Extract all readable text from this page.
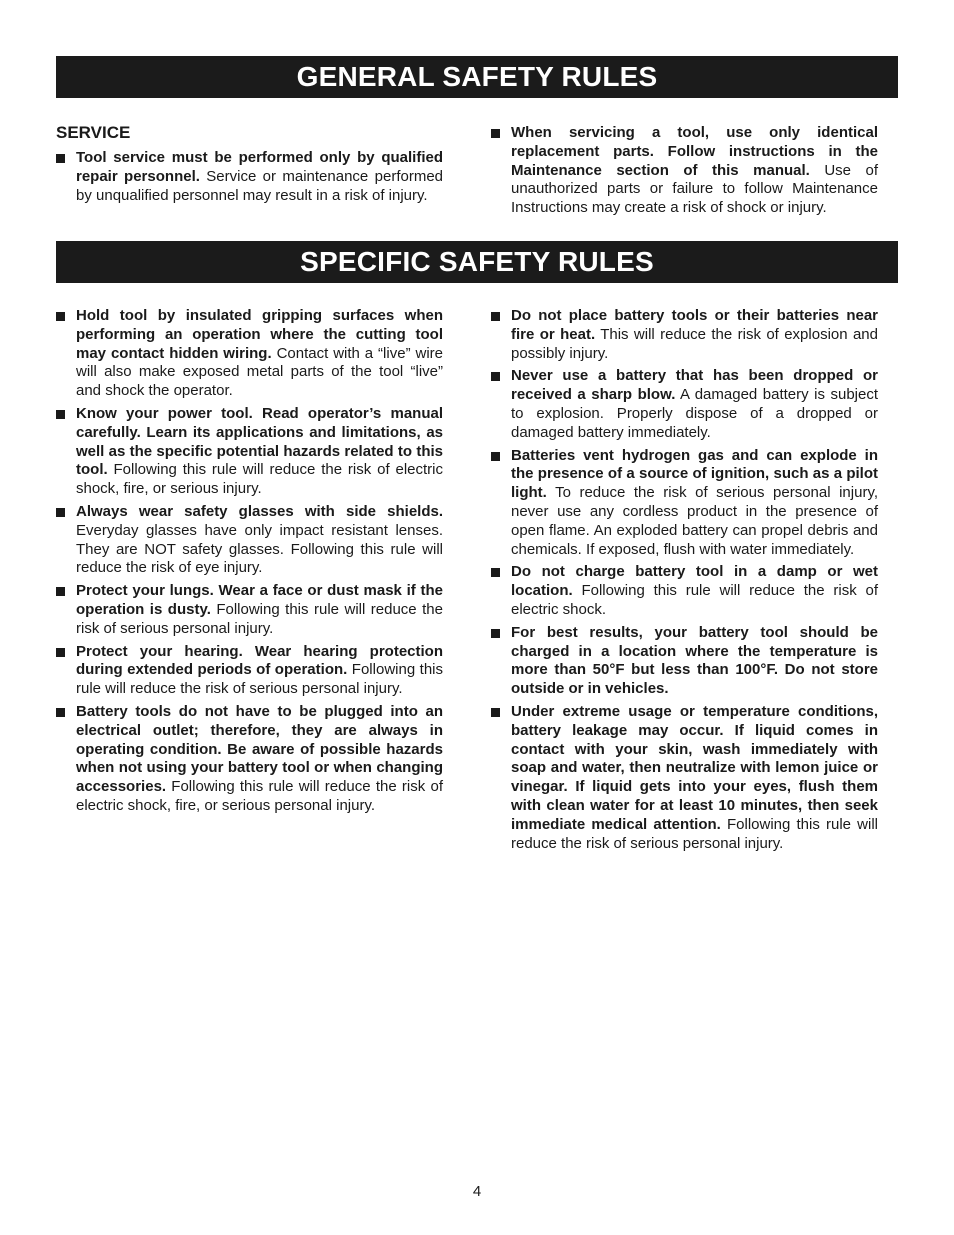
GENERAL SAFETY RULES
SERVICE
Tool service must be performed only by qualified repair personnel. Service or maintenance performed by unqualified personnel may result in a risk of injury.
When servicing a tool, use only identical replacement parts. Follow instructions in the Maintenance section of this manual. Use of unauthorized parts or failure to follow Maintenance Instructions may create a risk of shock or injury.
SPECIFIC SAFETY RULES
Hold tool by insulated gripping surfaces when performing an operation where the cutting tool may contact hidden wiring. Contact with a “live” wire will also make exposed metal parts of the tool “live” and shock the operator.
Know your power tool. Read operator’s manual carefully. Learn its applications and limitations, as well as the specific potential hazards related to this tool. Following this rule will reduce the risk of electric shock, fire, or serious injury.
Always wear safety glasses with side shields. Everyday glasses have only impact resistant lenses. They are NOT safety glasses. Following this rule will reduce the risk of eye injury.
Protect your lungs. Wear a face or dust mask if the operation is dusty. Following this rule will reduce the risk of serious personal injury.
Protect your hearing. Wear hearing protection during extended periods of operation. Following this rule will reduce the risk of serious personal injury.
Battery tools do not have to be plugged into an electrical outlet; therefore, they are always in operating condition. Be aware of possible hazards when not using your battery tool or when changing accessories. Following this rule will reduce the risk of electric shock, fire, or serious personal injury.
Do not place battery tools or their batteries near fire or heat. This will reduce the risk of explosion and possibly injury.
Never use a battery that has been dropped or received a sharp blow. A damaged battery is subject to explosion. Properly dispose of a dropped or damaged battery immediately.
Batteries vent hydrogen gas and can explode in the presence of a source of ignition, such as a pilot light. To reduce the risk of serious personal injury, never use any cordless product in the presence of open flame. An exploded battery can propel debris and chemicals. If exposed, flush with water immediately.
Do not charge battery tool in a damp or wet location. Following this rule will reduce the risk of electric shock.
For best results, your battery tool should be charged in a location where the temperature is more than 50°F but less than 100°F. Do not store outside or in vehicles.
Under extreme usage or temperature conditions, battery leakage may occur. If liquid comes in contact with your skin, wash immediately with soap and water, then neutralize with lemon juice or vinegar. If liquid gets into your eyes, flush them with clean water for at least 10 minutes, then seek immediate medical attention. Following this rule will reduce the risk of serious personal injury.
4
